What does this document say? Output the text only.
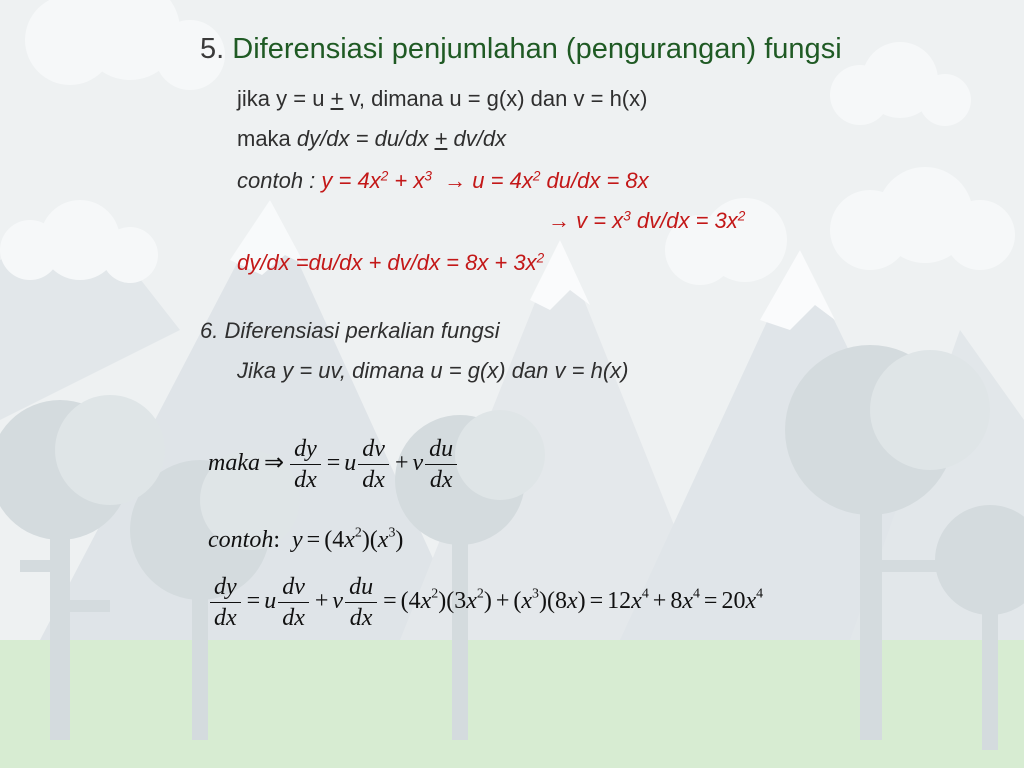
5. Diferensiasi penjumlahan (pengurangan) fungsi
jika y = u + v, dimana u = g(x) dan v = h(x)
maka dy/dx = du/dx + dv/dx
contoh : $y = 4x^2 + x^3 \to u = 4x^2$ du/dx = 8x
→ $v = x^3$ $dv/dx = 3x^2$
$dy/dx =du/dx + dv/dx = 8x + 3x^2$
6. Diferensiasi perkalian fungsi
Jika y = uv, dimana u = g(x) dan v = h(x)
maka ⇒ $\frac{dy}{dx} = u \frac{dv}{dx} + v \frac{du}{dx}$
contoh:  $y = (4x^2)(x^3)$
$\frac{dy}{dx} = u \frac{dv}{dx} + v \frac{du}{dx} = (4x^2)(3x^2) + (x^3)(8x) = 12x^4 + 8x^4 = 20x^4$
